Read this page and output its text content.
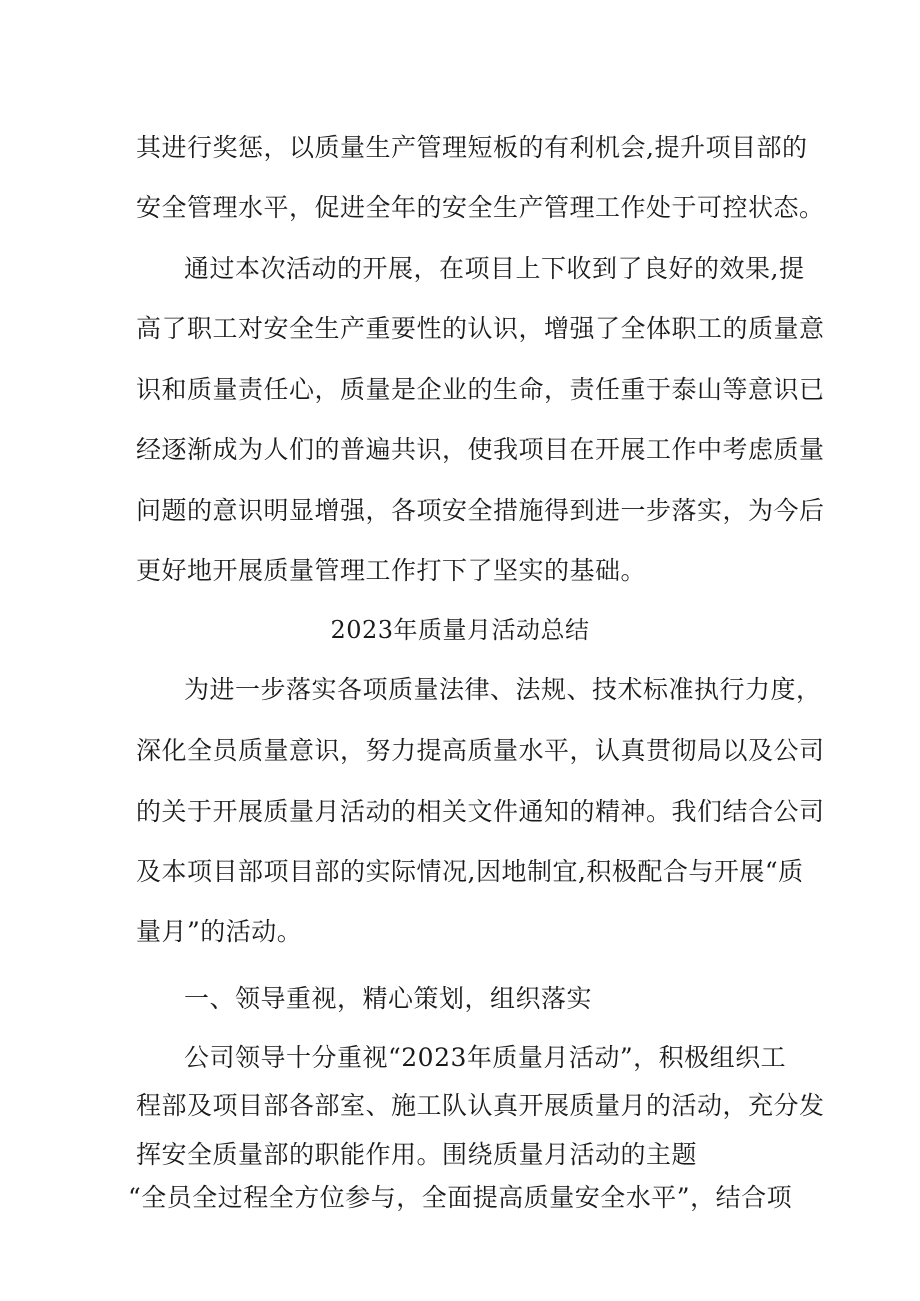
其进行奖惩，以质量生产管理短板的有利机会,提升项目部的
安全管理水平，促进全年的安全生产管理工作处于可控状态。
通过本次活动的开展，在项目上下收到了良好的效果,提
高了职工对安全生产重要性的认识，增强了全体职工的质量意
识和质量责任心，质量是企业的生命，责任重于泰山等意识已
经逐渐成为人们的普遍共识，使我项目在开展工作中考虑质量
问题的意识明显增强，各项安全措施得到进一步落实，为今后
更好地开展质量管理工作打下了坚实的基础。
2023年质量月活动总结
为进一步落实各项质量法律、法规、技术标准执行力度，
深化全员质量意识，努力提高质量水平，认真贯彻局以及公司
的关于开展质量月活动的相关文件通知的精神。我们结合公司
及本项目部项目部的实际情况,因地制宜,积极配合与开展“质
量月”的活动。
一、领导重视，精心策划，组织落实
公司领导十分重视“2023年质量月活动”，积极组织工
程部及项目部各部室、施工队认真开展质量月的活动，充分发
挥安全质量部的职能作用。围绕质量月活动的主题
“全员全过程全方位参与，全面提高质量安全水平”，结合项
